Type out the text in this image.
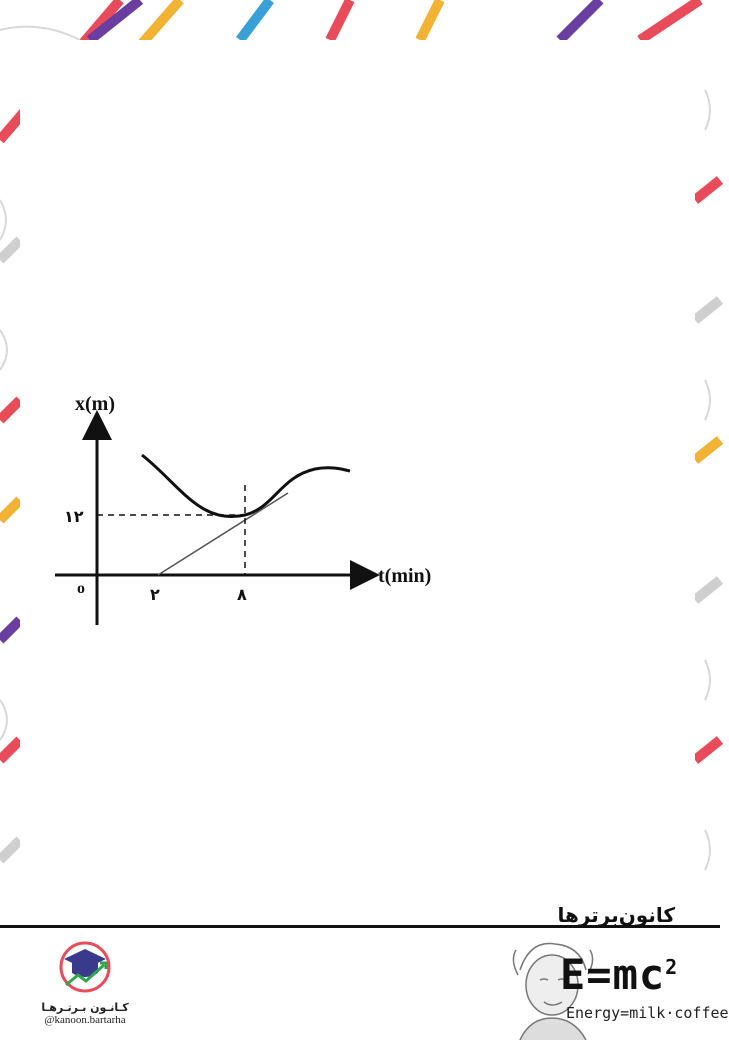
x(m)
t(min)
o
۱۲
۲	۸
کـانـون بـرتـرهـا
@kanoon.bartarha
کانون‌برترها
$E=mc^2$
Energy=milk·coffee
